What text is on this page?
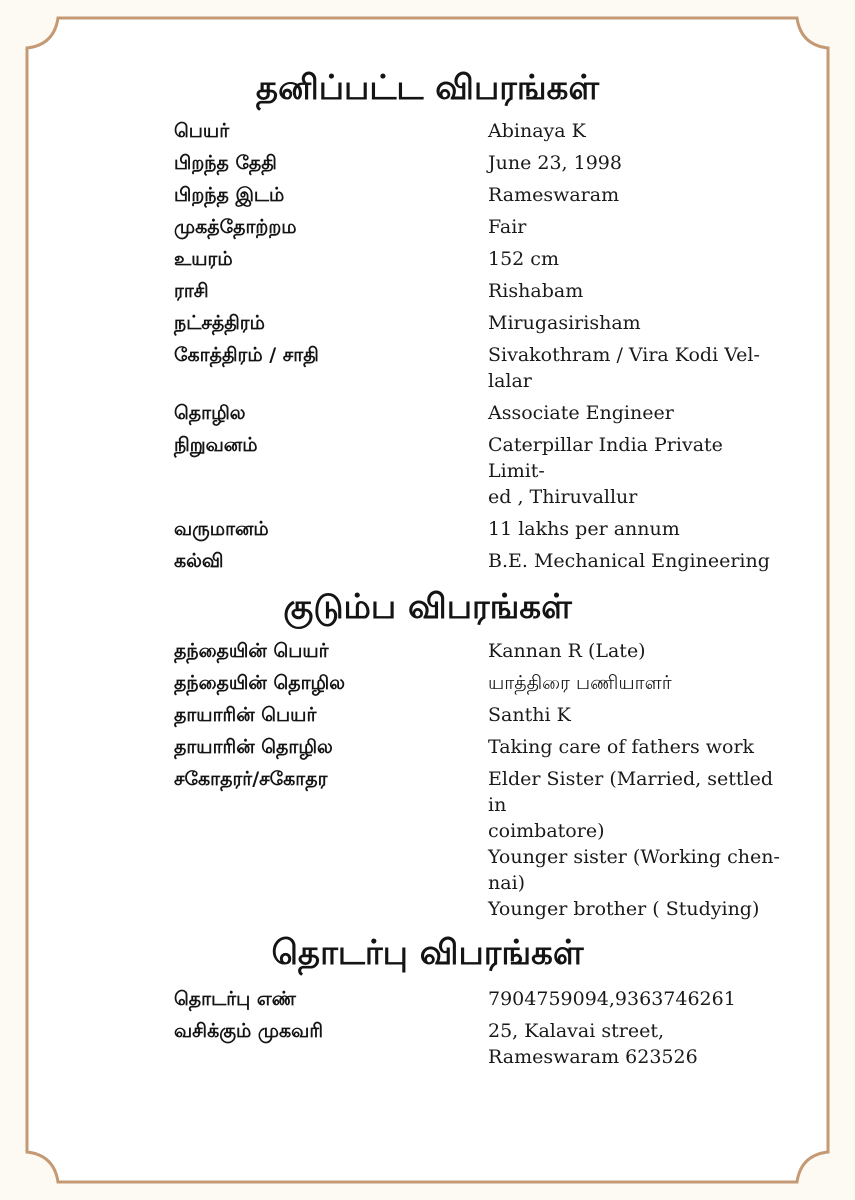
தனிப்பட்ட விபரங்கள்
பெயர்	Abinaya K
பிறந்த தேதி	June 23, 1998
பிறந்த இடம்	Rameswaram
முகத்தோற்றம	Fair
உயரம்	152 cm
ராசி	Rishabam
நட்சத்திரம்	Mirugasirisham
கோத்திரம் / சாதி	Sivakothram / Vira Kodi Vel-
lalar
தொழில	Associate Engineer
நிறுவனம்	Caterpillar India Private Limit-
ed , Thiruvallur
வருமானம்	11 lakhs per annum
கல்வி	B.E. Mechanical Engineering
குடும்ப விபரங்கள்
தந்தையின் பெயர்	Kannan R (Late)
தந்தையின் தொழில	யாத்திரை பணியாளர்
தாயாரின் பெயர்	Santhi K
தாயாரின் தொழில	Taking care of fathers work
சகோதரர்/சகோதர	Elder Sister (Married, settled in
coimbatore)
Younger sister (Working chen-
nai)
Younger brother ( Studying)
தொடர்பு விபரங்கள்
தொடர்பு எண்	7904759094,9363746261
வசிக்கும் முகவரி	25, Kalavai street,
Rameswaram 623526
